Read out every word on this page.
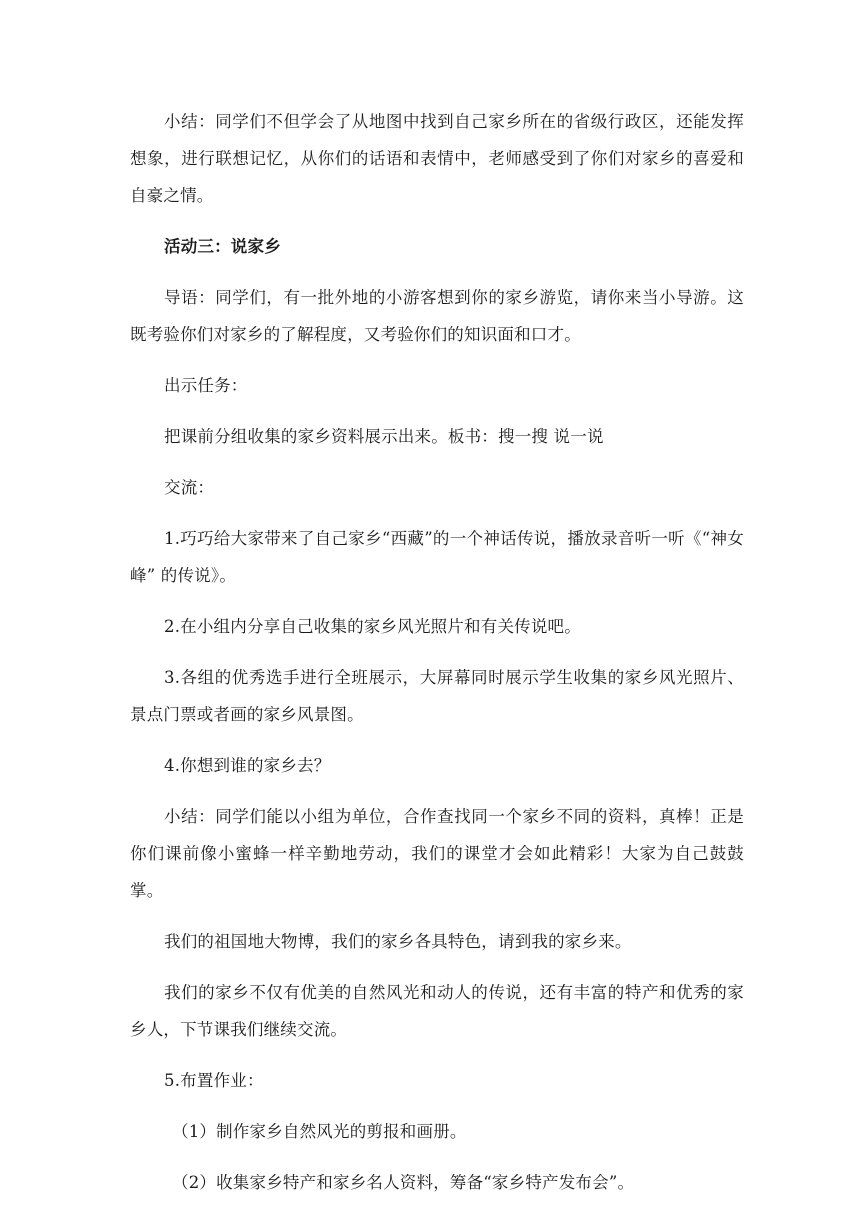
小结：同学们不但学会了从地图中找到自己家乡所在的省级行政区，还能发挥想象，进行联想记忆，从你们的话语和表情中，老师感受到了你们对家乡的喜爱和自豪之情。

活动三：说家乡

导语：同学们，有一批外地的小游客想到你的家乡游览，请你来当小导游。这既考验你们对家乡的了解程度，又考验你们的知识面和口才。

出示任务：

把课前分组收集的家乡资料展示出来。板书：搜一搜 说一说

交流：

1.巧巧给大家带来了自己家乡“西藏”的一个神话传说，播放录音听一听《“神女峰” 的传说》。

2.在小组内分享自己收集的家乡风光照片和有关传说吧。

3.各组的优秀选手进行全班展示，大屏幕同时展示学生收集的家乡风光照片、景点门票或者画的家乡风景图。

4.你想到谁的家乡去？

小结：同学们能以小组为单位，合作查找同一个家乡不同的资料，真棒！正是你们课前像小蜜蜂一样辛勤地劳动，我们的课堂才会如此精彩！大家为自己鼓鼓掌。

我们的祖国地大物博，我们的家乡各具特色，请到我的家乡来。

我们的家乡不仅有优美的自然风光和动人的传说，还有丰富的特产和优秀的家乡人，下节课我们继续交流。

5.布置作业：

（1）制作家乡自然风光的剪报和画册。

（2）收集家乡特产和家乡名人资料，筹备“家乡特产发布会”。
